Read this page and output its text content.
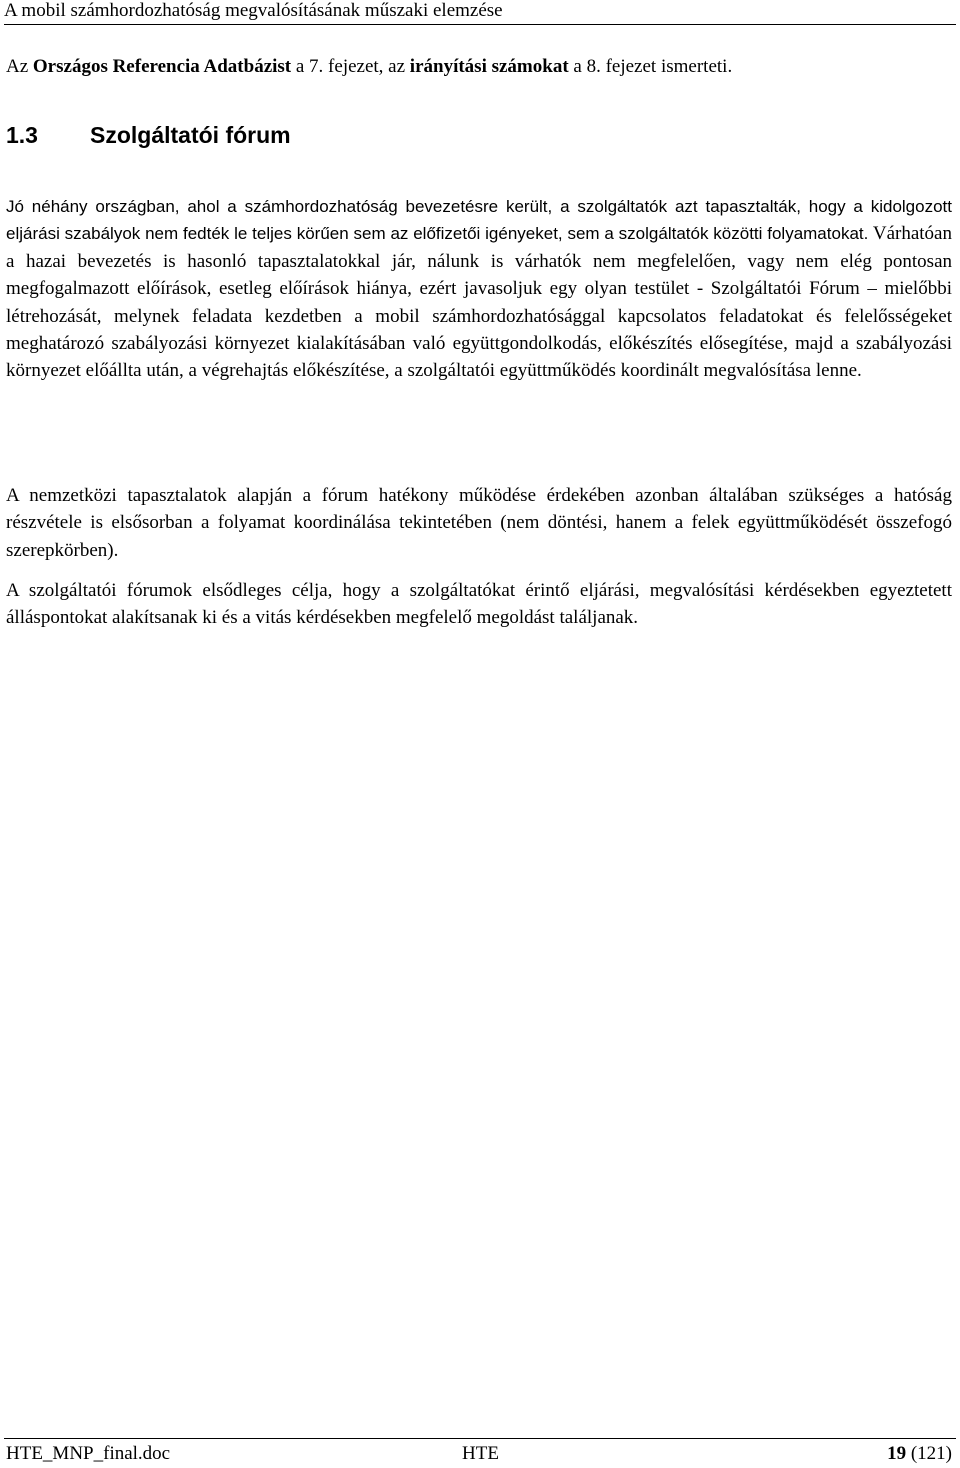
A mobil számhordozhatóság megvalósításának műszaki elemzése
Az Országos Referencia Adatbázist a 7. fejezet, az irányítási számokat a 8. fejezet ismerteti.
1.3 Szolgáltatói fórum

Jó néhány országban, ahol a számhordozhatóság bevezetésre került, a szolgáltatók azt tapasztalták, hogy a kidolgozott eljárási szabályok nem fedték le teljes körűen sem az előfizetői igényeket, sem a szolgáltatók közötti folyamatokat. Várhatóan a hazai bevezetés is hasonló tapasztalatokkal jár, nálunk is várhatók nem megfelelően, vagy nem elég pontosan megfogalmazott előírások, esetleg előírások hiánya, ezért javasoljuk egy olyan testület - Szolgáltatói Fórum – mielőbbi létrehozását, melynek feladata kezdetben a mobil számhordozhatósággal kapcsolatos feladatokat és felelősségeket meghatározó szabályozási környezet kialakításában való együttgondolkodás, előkészítés elősegítése, majd a szabályozási környezet előállta után, a végrehajtás előkészítése, a szolgáltatói együttműködés koordinált megvalósítása lenne.

A nemzetközi tapasztalatok alapján a fórum hatékony működése érdekében azonban általában szükséges a hatóság részvétele is elsősorban a folyamat koordinálása tekintetében (nem döntési, hanem a felek együttműködését összefogó szerepkörben).

A szolgáltatói fórumok elsődleges célja, hogy a szolgáltatókat érintő eljárási, megvalósítási kérdésekben egyeztetett álláspontokat alakítsanak ki és a vitás kérdésekben megfelelő megoldást találjanak.

HTE_MNP_final.doc	HTE	19 (121)
